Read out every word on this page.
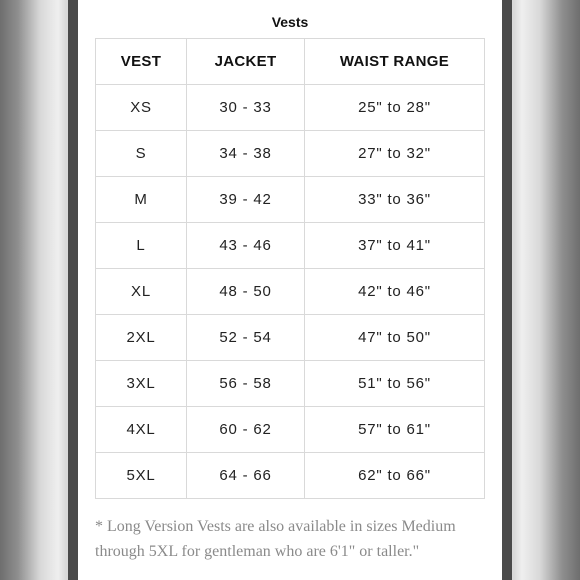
Vests
VEST	JACKET	WAIST RANGE
XS	30 - 33	25" to 28"
S	34 - 38	27" to 32"
M	39 - 42	33" to 36"
L	43 - 46	37" to 41"
XL	48 - 50	42" to 46"
2XL	52 - 54	47" to 50"
3XL	56 - 58	51" to 56"
4XL	60 - 62	57" to 61"
5XL	64 - 66	62" to 66"

* Long Version Vests are also available in sizes Medium through 5XL for gentleman who are 6'1" or taller."
